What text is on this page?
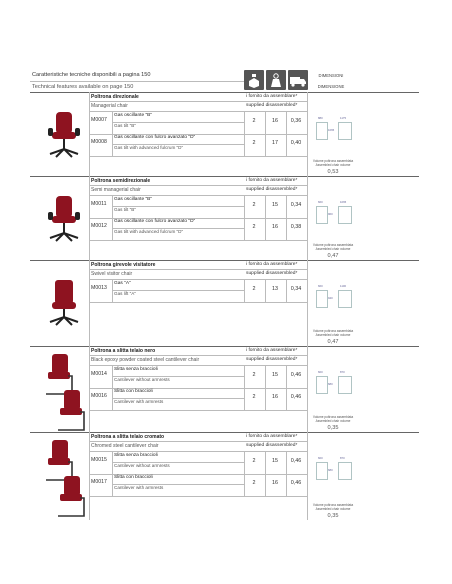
Caratteristiche tecniche disponibili a pagina 150
Technical features available on page 150
DIMENSIONI
DIMENSIONE
Poltrona direzionale
Managerial chair
i fornito da assemblare*
supplied disassembled*
M0007
Gas oscillante "B"
Gas tilt "B"
2	16	0,36
M0008
Gas oscillante con fulcro avanzato "D"
Gas tilt with advanced fulcrum "D"
2	17	0,40
880	1175
1065
Volume poltrona assemblata
Assembled chair volume
0,53
Poltrona semidirezionale
Semi managerial chair
i fornito da assemblare*
supplied disassembled*
M0011
Gas oscillante "B"
Gas tilt "B"
2	15	0,34
M0012
Gas oscillante con fulcro avanzato "D"
Gas tilt with advanced fulcrum "D"
2	16	0,38
660	1065
960
Volume poltrona assemblata
Assembled chair volume
0,47
Poltrona girevole visitatore
Swivel visitor chair
i fornito da assemblare*
supplied disassembled*
M0013
Gas "A"
Gas lift "A"
2	13	0,34	660	1100
940
Volume poltrona assemblata
Assembled chair volume
0,47
Poltrona a slitta telaio nero
Black epoxy powder coated steel cantilever chair
i fornito da assemblare*
supplied disassembled*
M0014
Slitta senza braccioli
Cantilever without armrests
2	15	0,46
M0016
Slitta con braccioli
Cantilever with armrests
2	16	0,46
600	870
680
Volume poltrona assemblata
Assembled chair volume
0,35
Poltrona a slitta telaio cromato
Chromed steel cantilever chair
i fornito da assemblare*
supplied disassembled*
M0015
Slitta senza braccioli
Cantilever without armrests
2	15	0,46
M0017
Slitta con braccioli
Cantilever with armrests
2	16	0,46
600	870
680
Volume poltrona assemblata
Assembled chair volume
0,35
